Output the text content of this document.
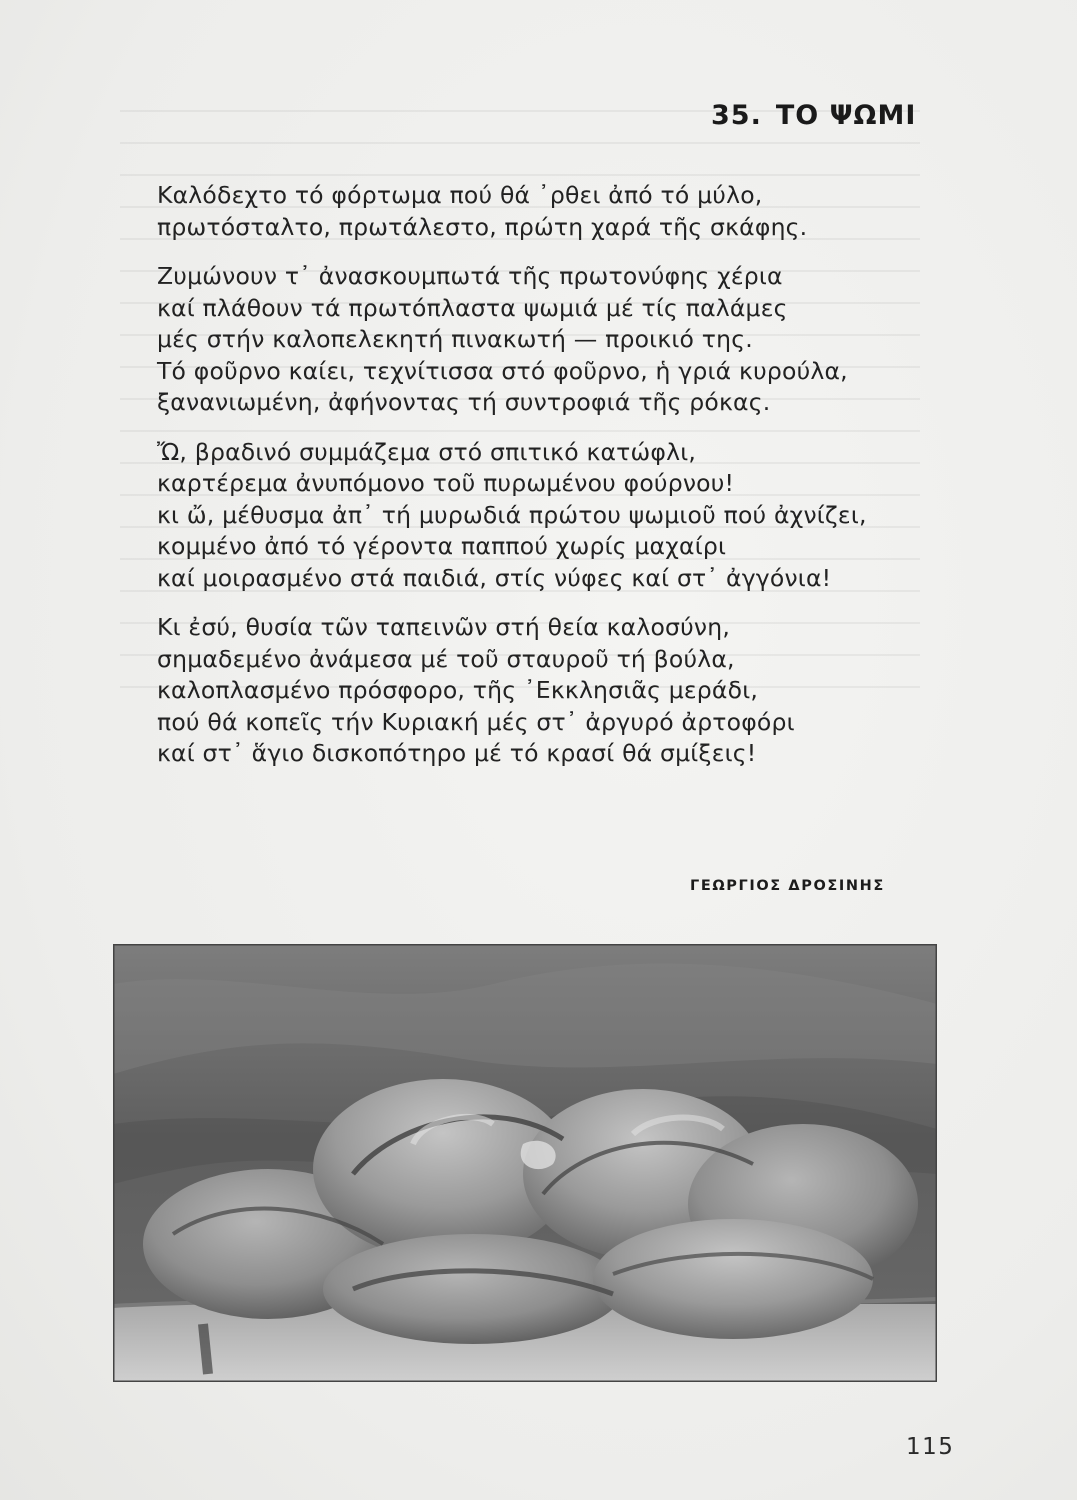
35. ΤΟ ΨΩΜΙ

Καλόδεχτο τό φόρτωμα πού θά ᾽ρθει ἀπό τό μύλο,
πρωτόσταλτο, πρωτάλεστο, πρώτη χαρά τῆς σκάφης.

Ζυμώνουν τ᾽ ἀνασκουμπωτά τῆς πρωτονύφης χέρια
καί πλάθουν τά πρωτόπλαστα ψωμιά μέ τίς παλάμες
μές στήν καλοπελεκητή πινακωτή — προικιό της.
Τό φοῦρνο καίει, τεχνίτισσα στό φοῦρνο, ἡ γριά κυρούλα,
ξανανιωμένη, ἀφήνοντας τή συντροφιά τῆς ρόκας.

Ὤ, βραδινό συμμάζεμα στό σπιτικό κατώφλι,
καρτέρεμα ἀνυπόμονο τοῦ πυρωμένου φούρνου!
κι ὤ, μέθυσμα ἀπ᾽ τή μυρωδιά πρώτου ψωμιοῦ πού ἀχνίζει,
κομμένο ἀπό τό γέροντα παππού χωρίς μαχαίρι
καί μοιρασμένο στά παιδιά, στίς νύφες καί στ᾽ ἀγγόνια!

Κι ἐσύ, θυσία τῶν ταπεινῶν στή θεία καλοσύνη,
σημαδεμένο ἀνάμεσα μέ τοῦ σταυροῦ τή βούλα,
καλοπλασμένο πρόσφορο, τῆς ᾽Εκκλησιᾶς μεράδι,
πού θά κοπεῖς τήν Κυριακή μές στ᾽ ἀργυρό ἀρτοφόρι
καί στ᾽ ἅγιο δισκοπότηρο μέ τό κρασί θά σμίξεις!

ΓΕΩΡΓΙΟΣ ΔΡΟΣΙΝΗΣ
115
